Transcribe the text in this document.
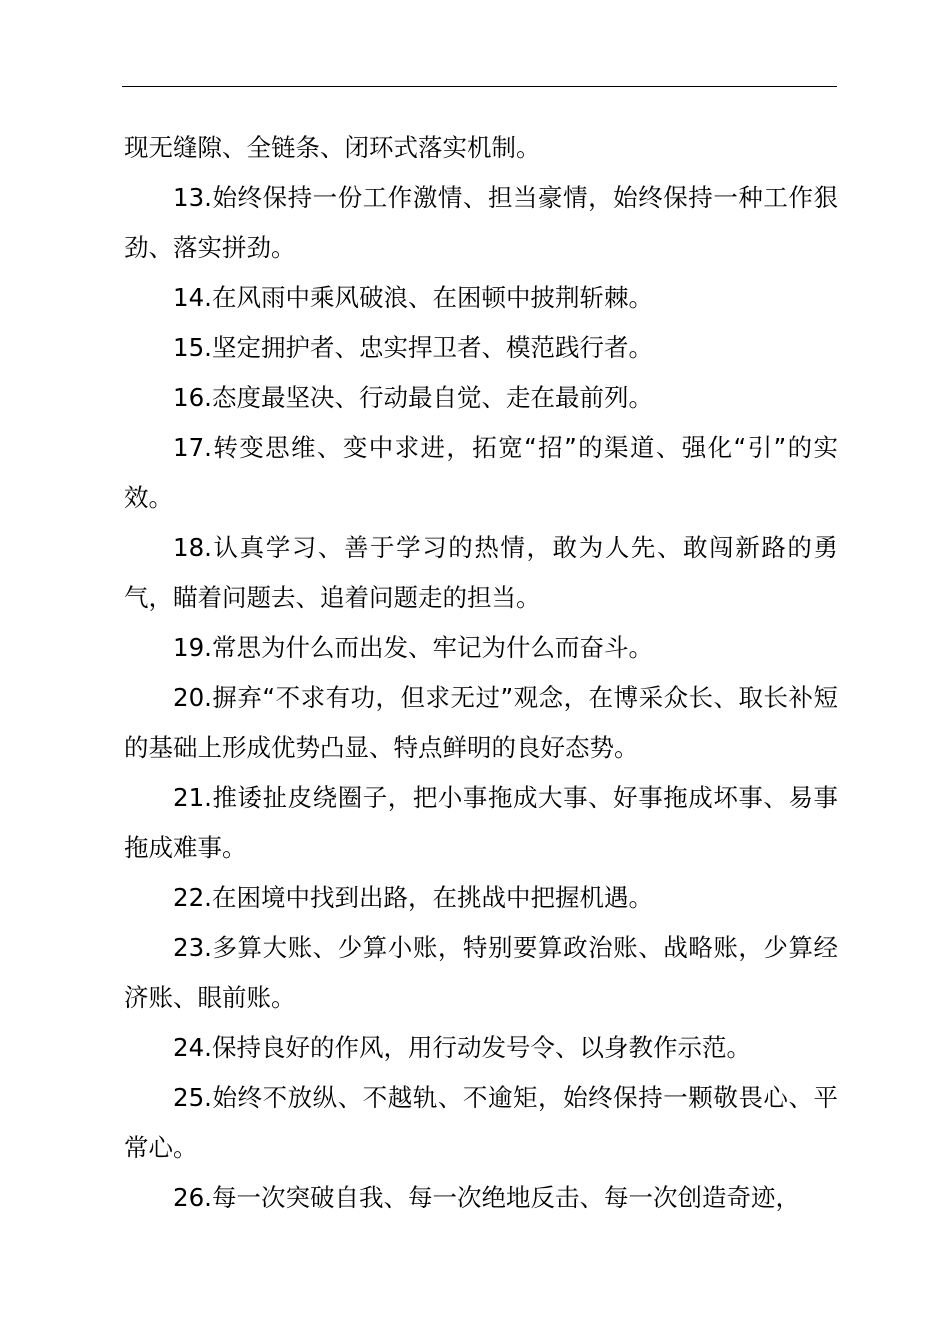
现无缝隙、全链条、闭环式落实机制。

13.始终保持一份工作激情、担当豪情，始终保持一种工作狠劲、落实拼劲。

14.在风雨中乘风破浪、在困顿中披荆斩棘。

15.坚定拥护者、忠实捍卫者、模范践行者。

16.态度最坚决、行动最自觉、走在最前列。

17.转变思维、变中求进，拓宽“招”的渠道、强化“引”的实效。

18.认真学习、善于学习的热情，敢为人先、敢闯新路的勇气，瞄着问题去、追着问题走的担当。

19.常思为什么而出发、牢记为什么而奋斗。

20.摒弃“不求有功，但求无过”观念，在博采众长、取长补短的基础上形成优势凸显、特点鲜明的良好态势。

21.推诿扯皮绕圈子，把小事拖成大事、好事拖成坏事、易事拖成难事。

22.在困境中找到出路，在挑战中把握机遇。

23.多算大账、少算小账，特别要算政治账、战略账，少算经济账、眼前账。

24.保持良好的作风，用行动发号令、以身教作示范。

25.始终不放纵、不越轨、不逾矩，始终保持一颗敬畏心、平常心。

26.每一次突破自我、每一次绝地反击、每一次创造奇迹，
